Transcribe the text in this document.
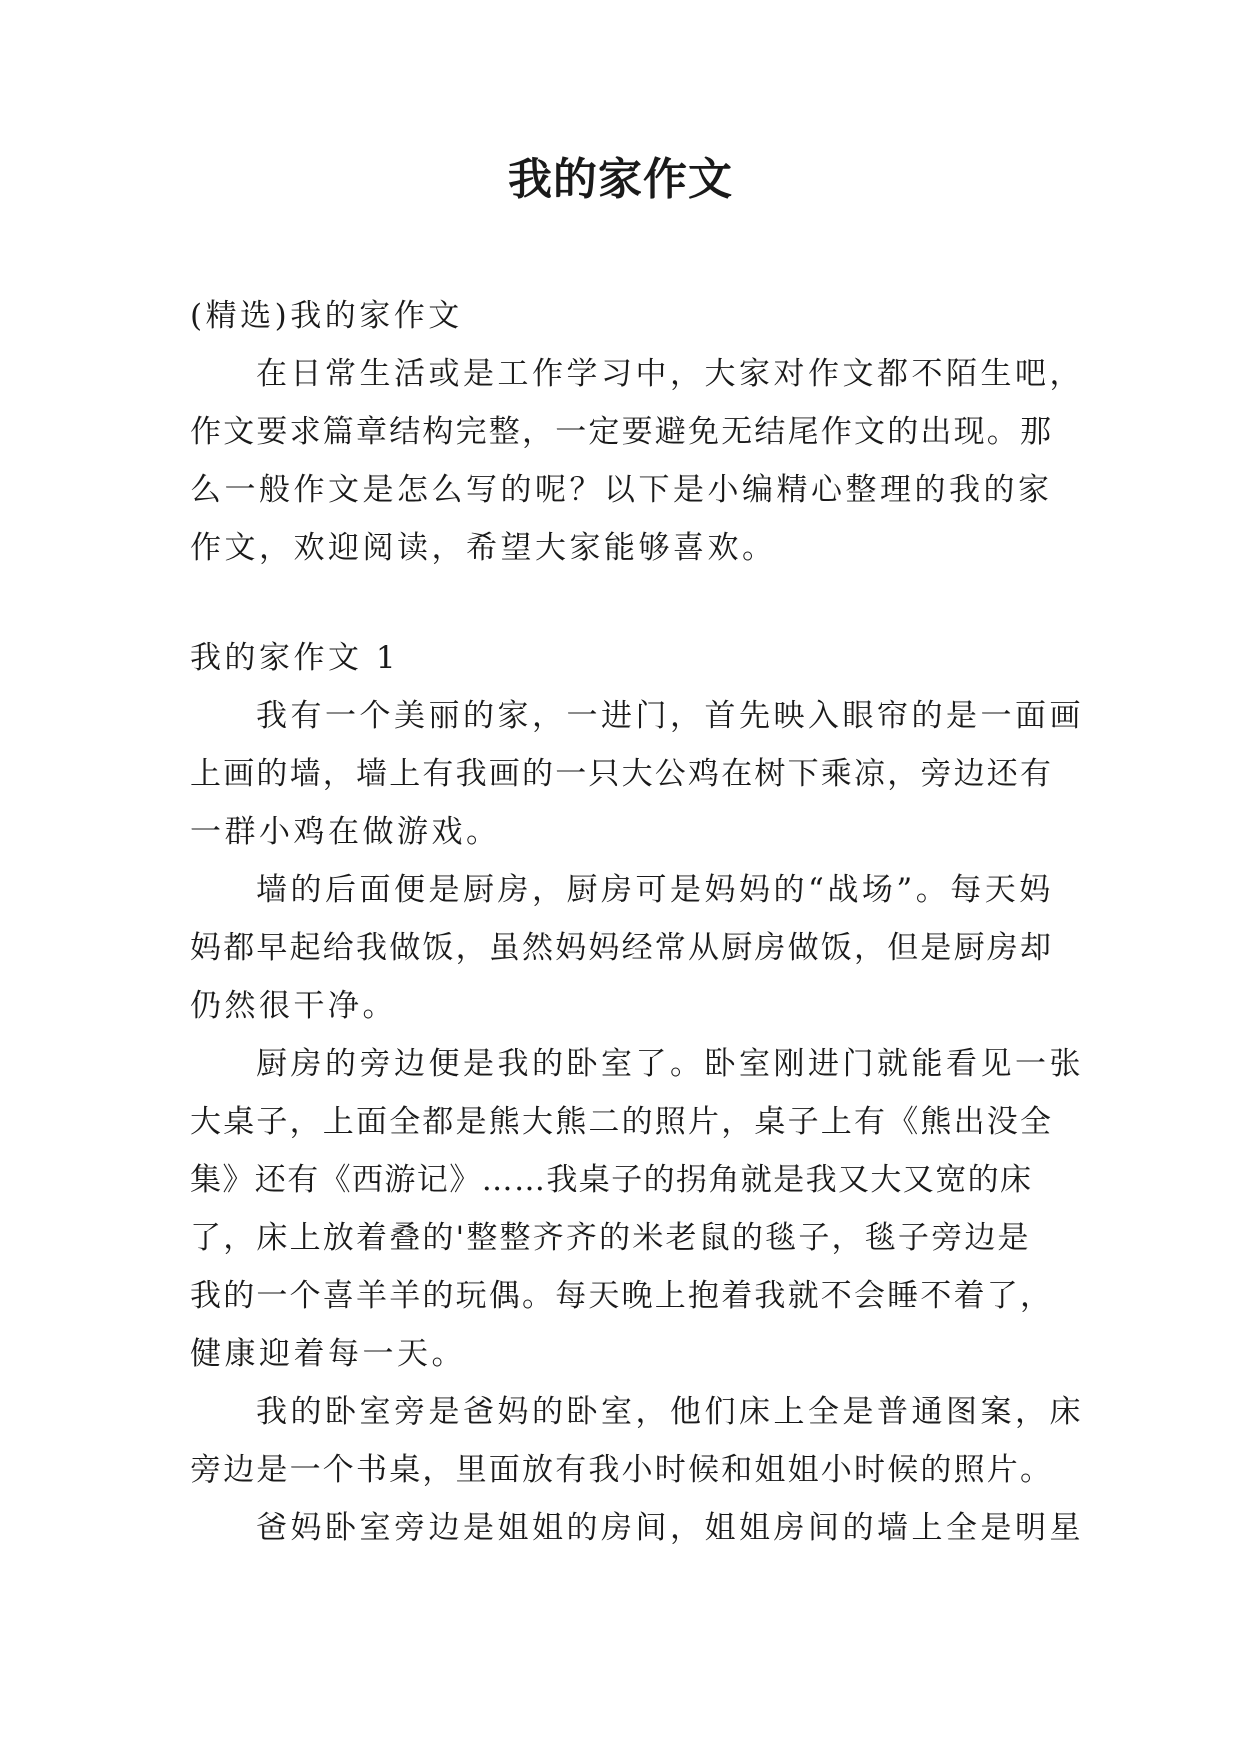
我的家作文
(精选)我的家作文
在日常生活或是工作学习中，大家对作文都不陌生吧，
作文要求篇章结构完整，一定要避免无结尾作文的出现。那
么一般作文是怎么写的呢？以下是小编精心整理的我的家
作文，欢迎阅读，希望大家能够喜欢。
我的家作文 1
我有一个美丽的家，一进门，首先映入眼帘的是一面画
上画的墙，墙上有我画的一只大公鸡在树下乘凉，旁边还有
一群小鸡在做游戏。
墙的后面便是厨房，厨房可是妈妈的“战场”。每天妈
妈都早起给我做饭，虽然妈妈经常从厨房做饭，但是厨房却
仍然很干净。
厨房的旁边便是我的卧室了。卧室刚进门就能看见一张
大桌子，上面全都是熊大熊二的照片，桌子上有《熊出没全
集》还有《西游记》……我桌子的拐角就是我又大又宽的床
了，床上放着叠的'整整齐齐的米老鼠的毯子，毯子旁边是
我的一个喜羊羊的玩偶。每天晚上抱着我就不会睡不着了，
健康迎着每一天。
我的卧室旁是爸妈的卧室，他们床上全是普通图案，床
旁边是一个书桌，里面放有我小时候和姐姐小时候的照片。
爸妈卧室旁边是姐姐的房间，姐姐房间的墙上全是明星
